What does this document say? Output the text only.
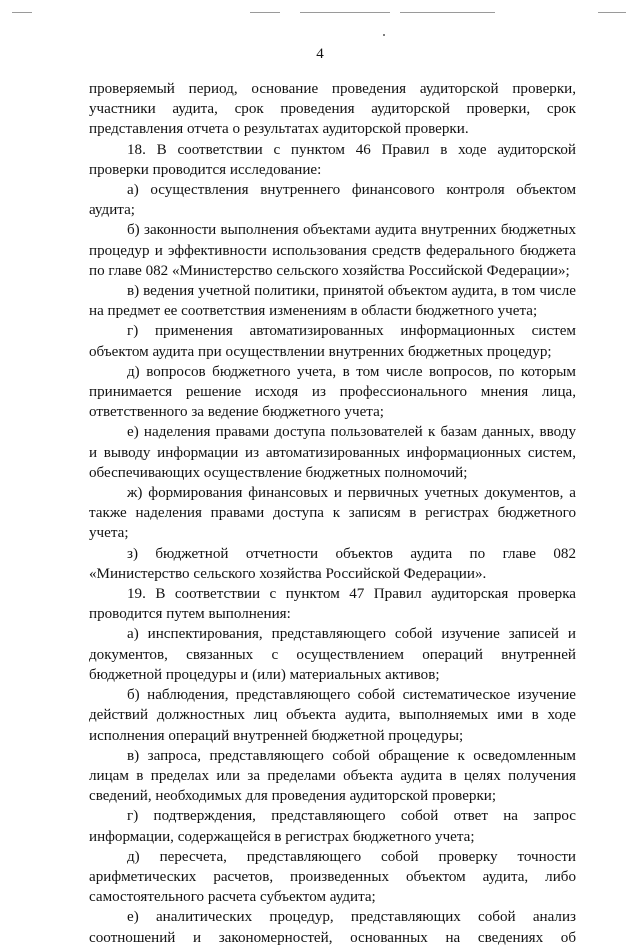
4

проверяемый период, основание проведения аудиторской проверки, участники аудита, срок проведения аудиторской проверки, срок представления отчета о результатах аудиторской проверки.

18. В соответствии с пунктом 46 Правил в ходе аудиторской проверки проводится исследование:

а) осуществления внутреннего финансового контроля объектом аудита;

б) законности выполнения объектами аудита внутренних бюджетных процедур и эффективности использования средств федерального бюджета по главе 082 «Министерство сельского хозяйства Российской Федерации»;

в) ведения учетной политики, принятой объектом аудита, в том числе на предмет ее соответствия изменениям в области бюджетного учета;

г) применения автоматизированных информационных систем объектом аудита при осуществлении внутренних бюджетных процедур;

д) вопросов бюджетного учета, в том числе вопросов, по которым принимается решение исходя из профессионального мнения лица, ответственного за ведение бюджетного учета;

е) наделения правами доступа пользователей к базам данных, вводу и выводу информации из автоматизированных информационных систем, обеспечивающих осуществление бюджетных полномочий;

ж) формирования финансовых и первичных учетных документов, а также наделения правами доступа к записям в регистрах бюджетного учета;

з) бюджетной отчетности объектов аудита по главе 082 «Министерство сельского хозяйства Российской Федерации».

19. В соответствии с пунктом 47 Правил аудиторская проверка проводится путем выполнения:

а) инспектирования, представляющего собой изучение записей и документов, связанных с осуществлением операций внутренней бюджетной процедуры и (или) материальных активов;

б) наблюдения, представляющего собой систематическое изучение действий должностных лиц объекта аудита, выполняемых ими в ходе исполнения операций внутренней бюджетной процедуры;

в) запроса, представляющего собой обращение к осведомленным лицам в пределах или за пределами объекта аудита в целях получения сведений, необходимых для проведения аудиторской проверки;

г) подтверждения, представляющего собой ответ на запрос информации, содержащейся в регистрах бюджетного учета;

д) пересчета, представляющего собой проверку точности арифметических расчетов, произведенных объектом аудита, либо самостоятельного расчета субъектом аудита;

е) аналитических процедур, представляющих собой анализ соотношений и закономерностей, основанных на сведениях об
